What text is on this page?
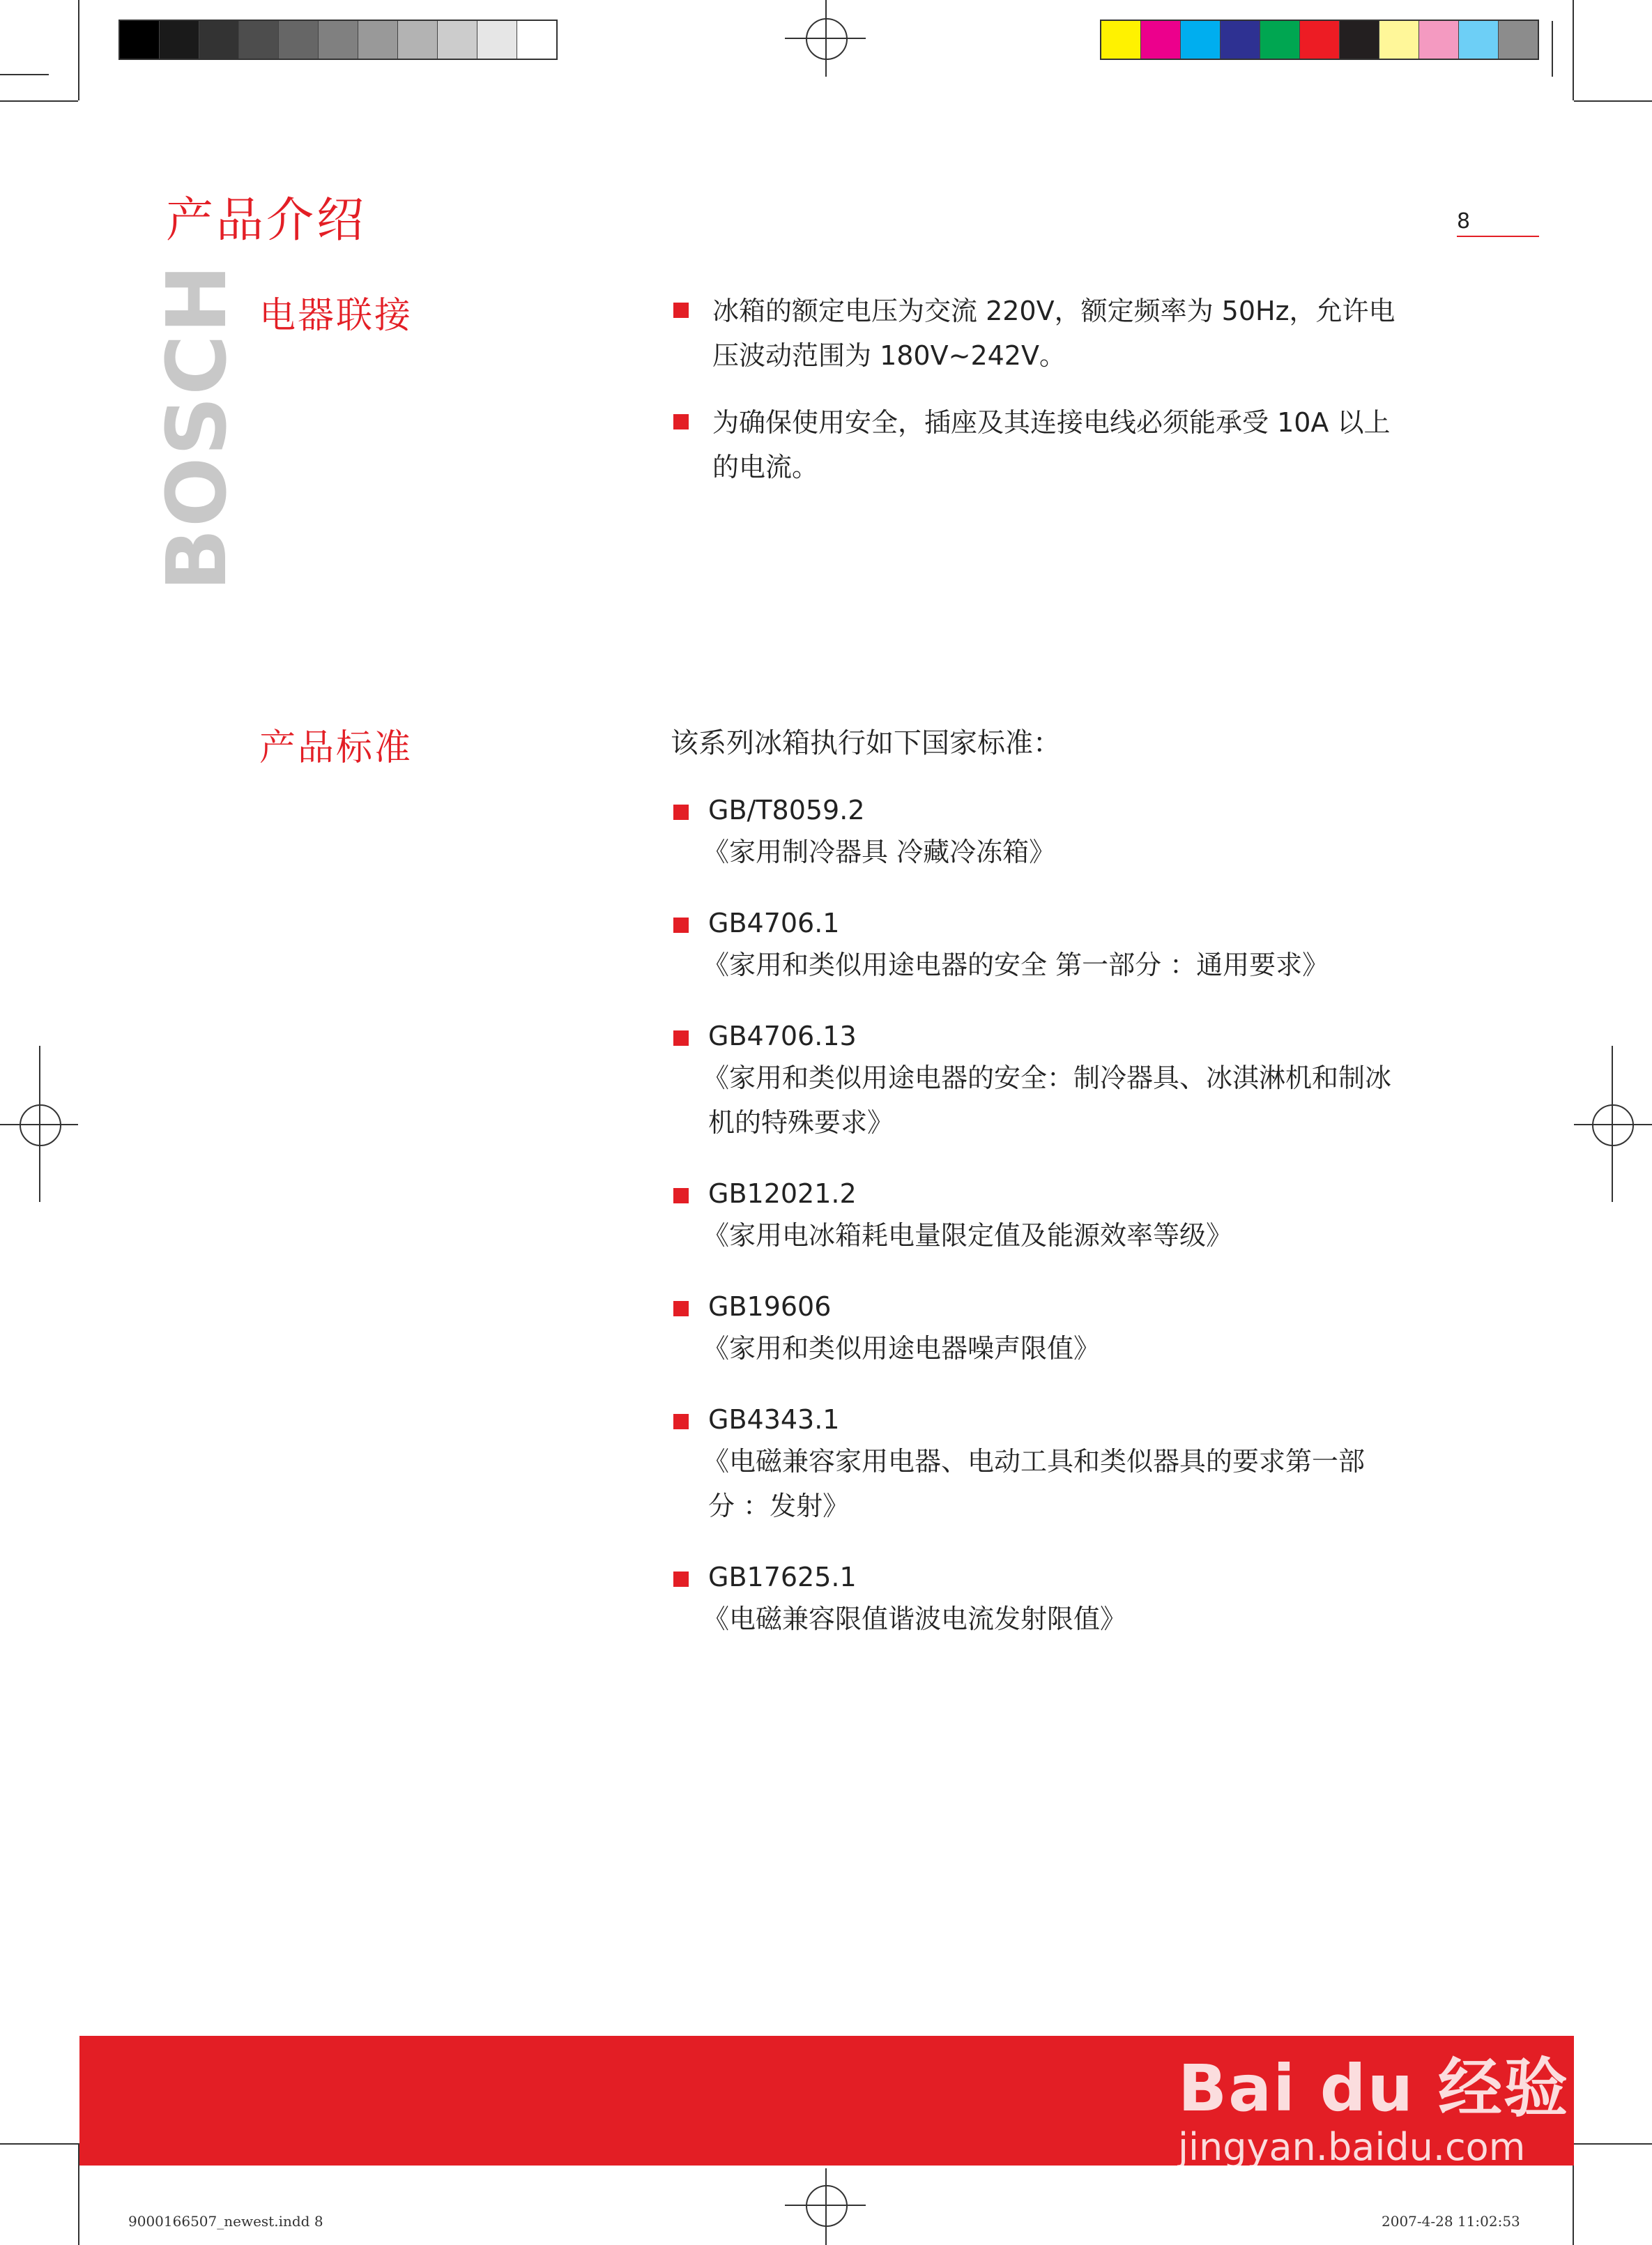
产品介绍	8
BOSCH 电器联接	冰箱的额定电压为交流 220V，额定频率为 50Hz，允许电
压波动范围为 180V~242V。
为确保使用安全，插座及其连接电线必须能承受 10A 以上
的电流。
产品标准	该系列冰箱执行如下国家标准：
GB/T8059.2
《家用制冷器具 冷藏冷冻箱》
GB4706.1
《家用和类似用途电器的安全 第一部分 ：通用要求》
GB4706.13
《家用和类似用途电器的安全：制冷器具、冰淇淋机和制冰
机的特殊要求》
GB12021.2
《家用电冰箱耗电量限定值及能源效率等级》
GB19606
《家用和类似用途电器噪声限值》
GB4343.1
《电磁兼容家用电器、电动工具和类似器具的要求第一部
分 ：发射》
GB17625.1
《电磁兼容限值谐波电流发射限值》
Bai du 经验
jingyan.baidu.com
9000166507_newest.indd 8	2007-4-28 11:02:53
